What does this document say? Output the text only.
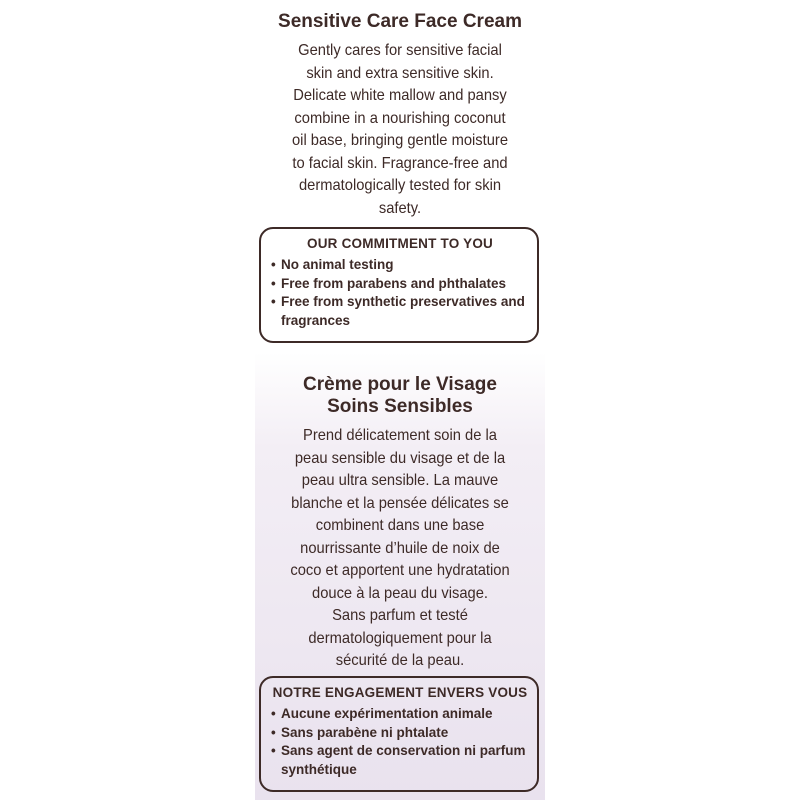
Sensitive Care Face Cream
Gently cares for sensitive facial
skin and extra sensitive skin.
Delicate white mallow and pansy
combine in a nourishing coconut
oil base, bringing gentle moisture
to facial skin. Fragrance-free and
dermatologically tested for skin
safety.
OUR COMMITMENT TO YOU
• No animal testing
• Free from parabens and phthalates
• Free from synthetic preservatives and fragrances
Crème pour le Visage
Soins Sensibles
Prend délicatement soin de la
peau sensible du visage et de la
peau ultra sensible. La mauve
blanche et la pensée délicates se
combinent dans une base
nourrissante d’huile de noix de
coco et apportent une hydratation
douce à la peau du visage.
Sans parfum et testé
dermatologiquement pour la
sécurité de la peau.
NOTRE ENGAGEMENT ENVERS VOUS
• Aucune expérimentation animale
• Sans parabène ni phtalate
• Sans agent de conservation ni parfum synthétique
